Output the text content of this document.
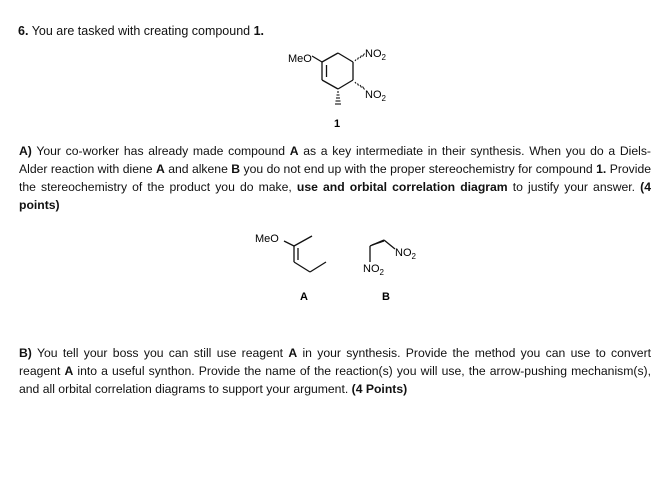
6. You are tasked with creating compound 1.
MeO	$NO_2$
$NO_2$
1
MeO
A
$NO_2$
$NO_2$
B
A) Your co-worker has already made compound A as a key intermediate in their synthesis. When you do a Diels-Alder reaction with diene A and alkene B you do not end up with the proper stereochemistry for compound 1. Provide the stereochemistry of the product you do make, use and orbital correlation diagram to justify your answer. (4 points)
B) You tell your boss you can still use reagent A in your synthesis. Provide the method you can use to convert reagent A into a useful synthon. Provide the name of the reaction(s) you will use, the arrow-pushing mechanism(s), and all orbital correlation diagrams to support your argument. (4 Points)
